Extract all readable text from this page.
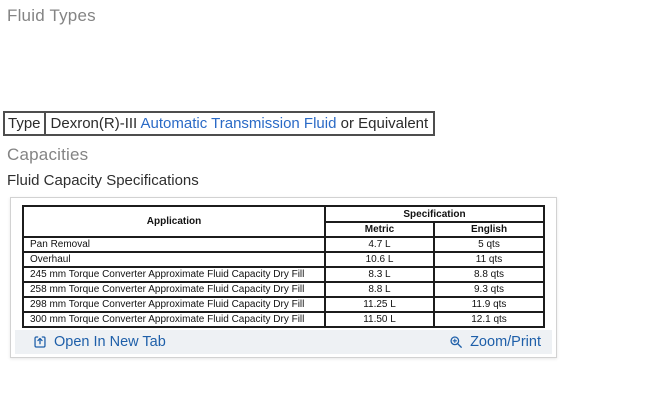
Fluid Types
Type Dexron(R)-III Automatic Transmission Fluid or Equivalent
Capacities
Fluid Capacity Specifications
Application	Specification	
	Metric	English
Pan Removal	4.7 L	5 qts
Overhaul	10.6 L	11 qts
245 mm Torque Converter Approximate Fluid Capacity Dry Fill	8.3 L	8.8 qts
258 mm Torque Converter Approximate Fluid Capacity Dry Fill	8.8 L	9.3 qts
298 mm Torque Converter Approximate Fluid Capacity Dry Fill	11.25 L	11.9 qts
300 mm Torque Converter Approximate Fluid Capacity Dry Fill	11.50 L	12.1 qts
Open In New Tab	Zoom/Print
